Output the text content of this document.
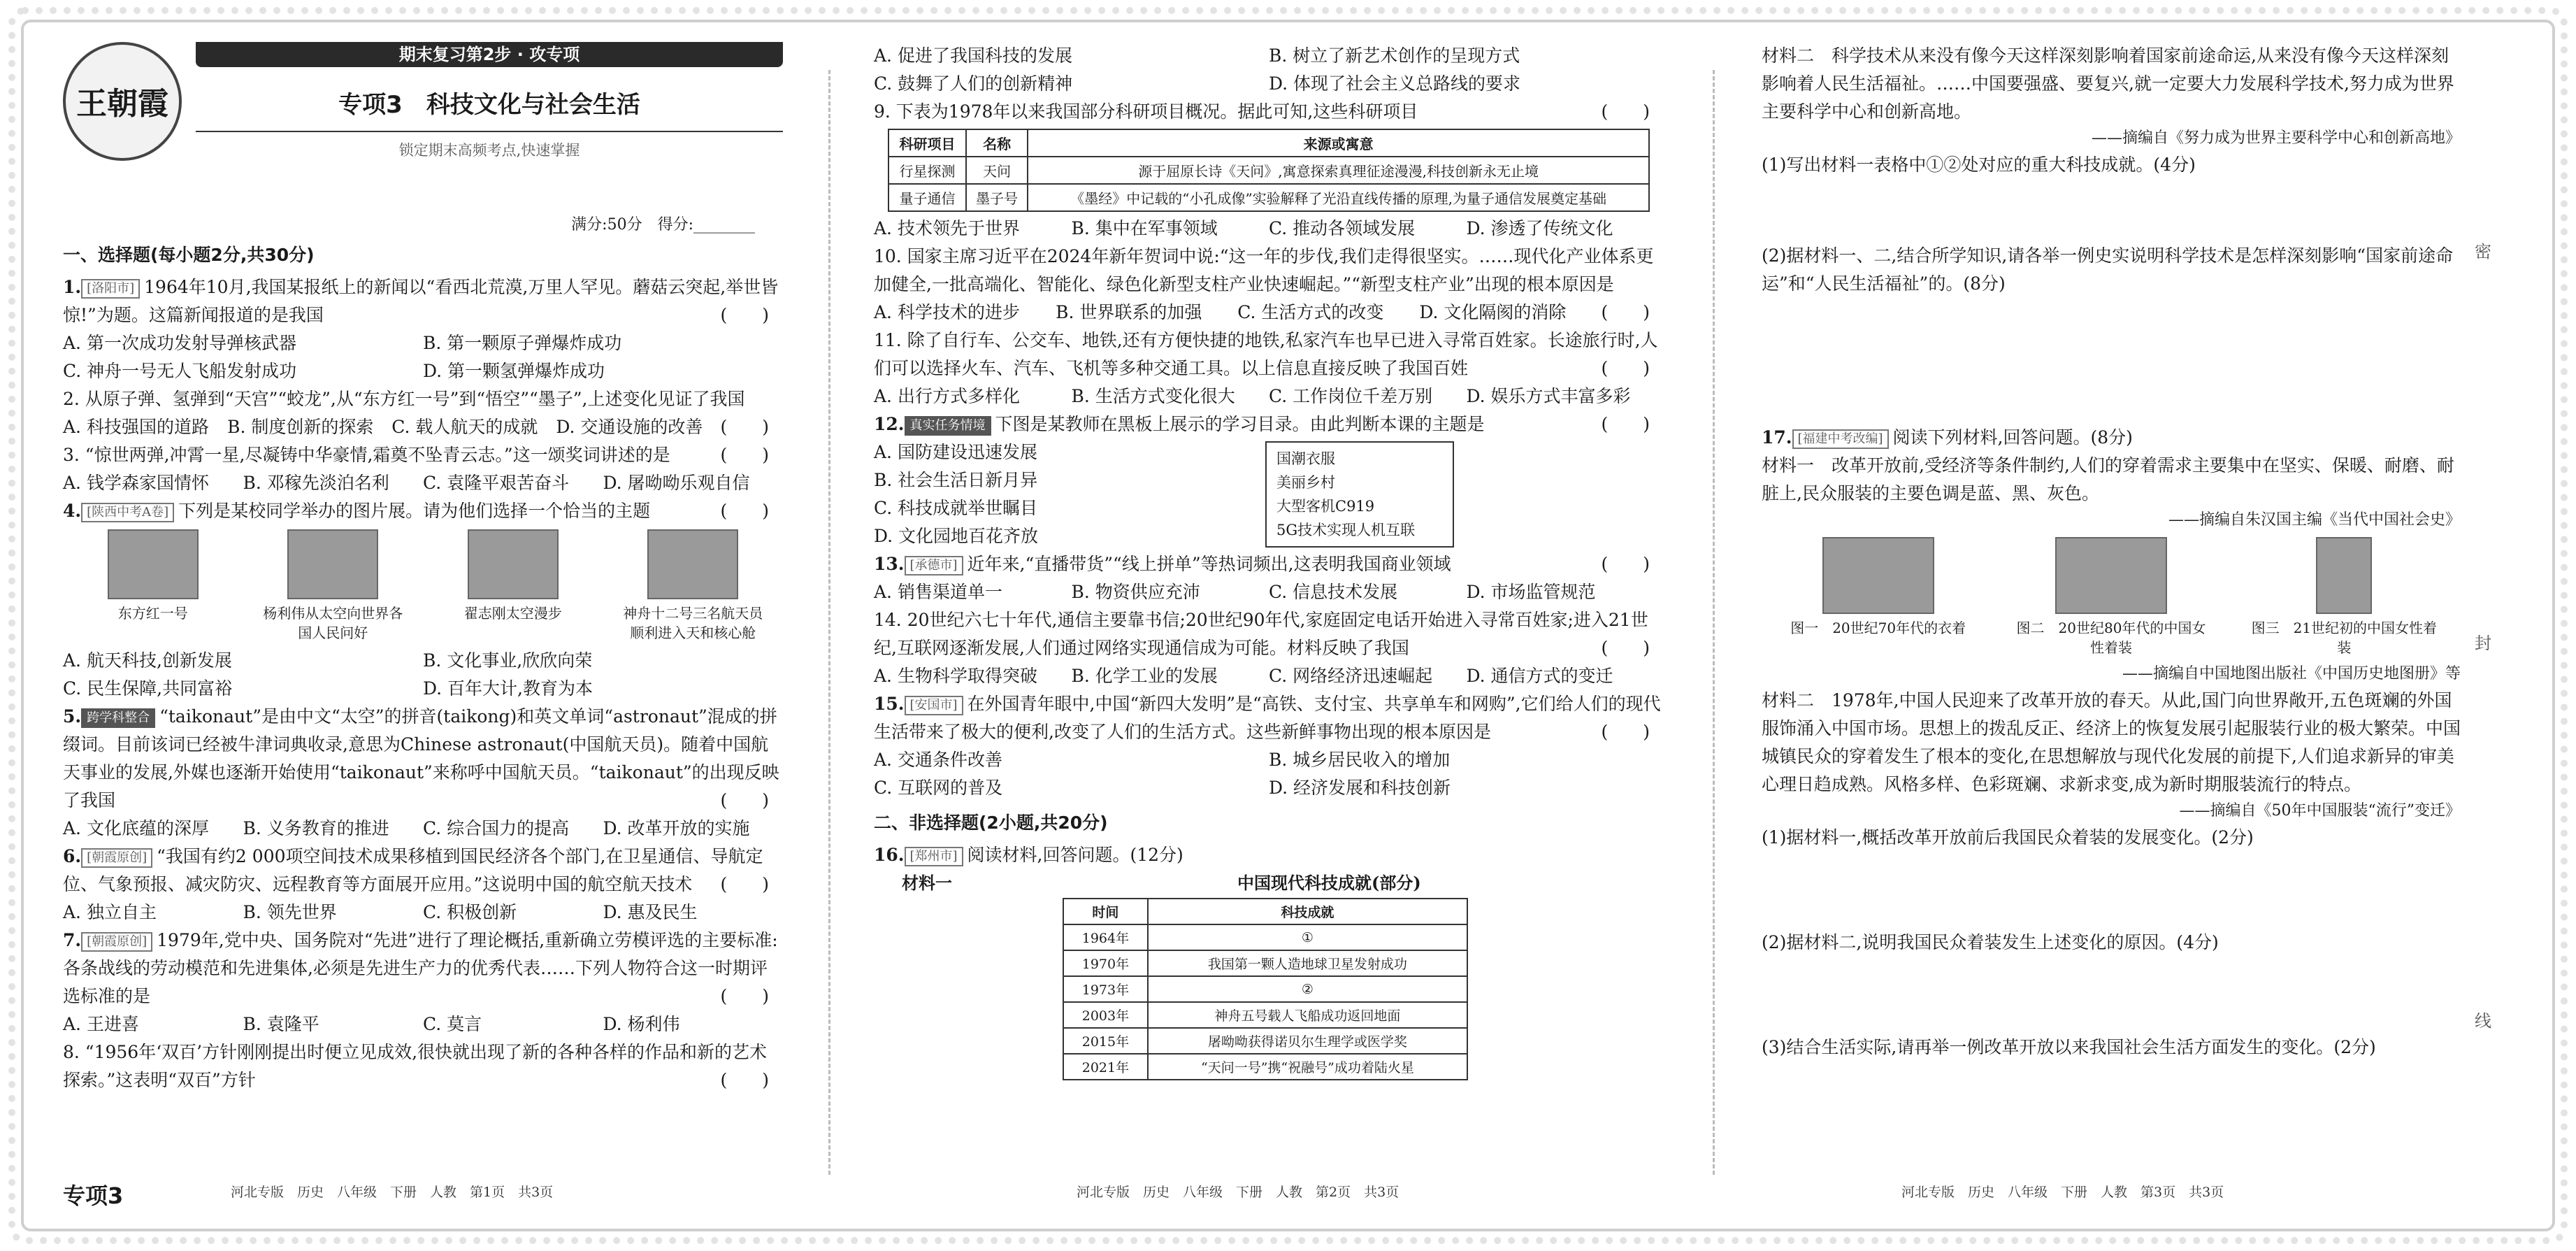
王朝霞
期末复习第2步 · 攻专项
专项3　科技文化与社会生活
锁定期末高频考点,快速掌握
满分:50分　得分:________
一、选择题(每小题2分,共30分)

1. [洛阳市] 1964年10月,我国某报纸上的新闻以“看西北荒漠,万里人罕见。蘑菇云突起,举世皆惊!”为题。这篇新闻报道的是我国	(　　)

A. 第一次成功发射导弹核武器	B. 第一颗原子弹爆炸成功
C. 神舟一号无人飞船发射成功	D. 第一颗氢弹爆炸成功

2. 从原子弹、氢弹到“天宫”“蛟龙”,从“东方红一号”到“悟空”“墨子”,上述变化见证了我国
(　　)

A. 科技强国的道路	B. 制度创新的探索	C. 载人航天的成就	D. 交通设施的改善

3. “惊世两弹,冲霄一星,尽凝铸中华豪情,霜奠不坠青云志。”这一颂奖词讲述的是	(　　)

A. 钱学森家国情怀	B. 邓稼先淡泊名利	C. 袁隆平艰苦奋斗	D. 屠呦呦乐观自信

4. [陕西中考A卷] 下列是某校同学举办的图片展。请为他们选择一个恰当的主题	(　　)

东方红一号	杨利伟从太空向世界各国人民问好
翟志刚太空漫步	神舟十二号三名航天员顺利进入天和核心舱
A. 航天科技,创新发展	B. 文化事业,欣欣向荣
C. 民生保障,共同富裕	D. 百年大计,教育为本

5. 跨学科整合 “taikonaut”是由中文“太空”的拼音(taikong)和英文单词“astronaut”混成的拼缀词。目前该词已经被牛津词典收录,意思为Chinese astronaut(中国航天员)。随着中国航天事业的发展,外媒也逐渐开始使用“taikonaut”来称呼中国航天员。“taikonaut”的出现反映了我国	(　　)

A. 文化底蕴的深厚	B. 义务教育的推进	C. 综合国力的提高	D. 改革开放的实施

6. [朝霞原创] “我国有约2 000项空间技术成果移植到国民经济各个部门,在卫星通信、导航定位、气象预报、减灾防灾、远程教育等方面展开应用。”这说明中国的航空航天技术 (　　)

A. 独立自主	B. 领先世界	C. 积极创新	D. 惠及民生

7. [朝霞原创] 1979年,党中央、国务院对“先进”进行了理论概括,重新确立劳模评选的主要标准:各条战线的劳动模范和先进集体,必须是先进生产力的优秀代表……下列人物符合这一时期评选标准的是	(　　)

A. 王进喜	B. 袁隆平	C. 莫言	D. 杨利伟

8. “1956年‘双百’方针刚刚提出时便立见成效,很快就出现了新的各种各样的作品和新的艺术探索。”这表明“双百”方针	(　　)

A. 促进了我国科技的发展	B. 树立了新艺术创作的呈现方式
C. 鼓舞了人们的创新精神	D. 体现了社会主义总路线的要求

9. 下表为1978年以来我国部分科研项目概况。据此可知,这些科研项目	(　　)

科研项目	名称	来源或寓意
行星探测	天问	源于屈原长诗《天问》,寓意探索真理征途漫漫,科技创新永无止境
量子通信	墨子号	《墨经》中记载的“小孔成像”实验解释了光沿直线传播的原理,为量子通信发展奠定基础
A. 技术领先于世界	B. 集中在军事领域	C. 推动各领域发展	D. 渗透了传统文化

10. 国家主席习近平在2024年新年贺词中说:“这一年的步伐,我们走得很坚实。……现代化产业体系更加健全,一批高端化、智能化、绿色化新型支柱产业快速崛起。”“新型支柱产业”出现的根本原因是
(　　)

A. 科学技术的进步	B. 世界联系的加强	C. 生活方式的改变	D. 文化隔阂的消除

11. 除了自行车、公交车、地铁,还有方便快捷的地铁,私家汽车也早已进入寻常百姓家。长途旅行时,人们可以选择火车、汽车、飞机等多种交通工具。以上信息直接反映了我国百姓	(　　)

A. 出行方式多样化	B. 生活方式变化很大	C. 工作岗位千差万别	D. 娱乐方式丰富多彩

12. 真实任务情境 下图是某教师在黑板上展示的学习目录。由此判断本课的主题是	(　　)

A. 国防建设迅速发展
B. 社会生活日新月异
C. 科技成就举世瞩目
D. 文化园地百花齐放
国潮衣服
美丽乡村
大型客机C919
5G技术实现人机互联

13. [承德市] 近年来,“直播带货”“线上拼单”等热词频出,这表明我国商业领域	(　　)

A. 销售渠道单一	B. 物资供应充沛	C. 信息技术发展	D. 市场监管规范

14. 20世纪六七十年代,通信主要靠书信;20世纪90年代,家庭固定电话开始进入寻常百姓家;进入21世纪,互联网逐渐发展,人们通过网络实现通信成为可能。材料反映了我国	(　　)

A. 生物科学取得突破	B. 化学工业的发展	C. 网络经济迅速崛起	D. 通信方式的变迁

15. [安国市] 在外国青年眼中,中国“新四大发明”是“高铁、支付宝、共享单车和网购”,它们给人们的现代生活带来了极大的便利,改变了人们的生活方式。这些新鲜事物出现的根本原因是	(　　)

A. 交通条件改善	B. 城乡居民收入的增加
C. 互联网的普及	D. 经济发展和科技创新
二、非选择题(2小题,共20分)

16. [郑州市] 阅读材料,回答问题。(12分)

材料一	中国现代科技成就(部分)
时间	科技成就
1964年	①
1970年	我国第一颗人造地球卫星发射成功
1973年	②
2003年	神舟五号载人飞船成功返回地面
2015年	屠呦呦获得诺贝尔生理学或医学奖
2021年	“天问一号”携“祝融号”成功着陆火星

材料二　科学技术从来没有像今天这样深刻影响着国家前途命运,从来没有像今天这样深刻影响着人民生活福祉。……中国要强盛、要复兴,就一定要大力发展科学技术,努力成为世界主要科学中心和创新高地。

——摘编自《努力成为世界主要科学中心和创新高地》

(1)写出材料一表格中①②处对应的重大科技成就。(4分)

(2)据材料一、二,结合所学知识,请各举一例史实说明科学技术是怎样深刻影响“国家前途命运”和“人民生活福祉”的。(8分)

17. [福建中考改编] 阅读下列材料,回答问题。(8分)

材料一　改革开放前,受经济等条件制约,人们的穿着需求主要集中在坚实、保暖、耐磨、耐脏上,民众服装的主要色调是蓝、黑、灰色。

——摘编自朱汉国主编《当代中国社会史》

图一　20世纪70年代的衣着	图二　20世纪80年代的中国女性着装
图三　21世纪初的中国女性着装

——摘编自中国地图出版社《中国历史地图册》等

材料二　1978年,中国人民迎来了改革开放的春天。从此,国门向世界敞开,五色斑斓的外国服饰涌入中国市场。思想上的拨乱反正、经济上的恢复发展引起服装行业的极大繁荣。中国城镇民众的穿着发生了根本的变化,在思想解放与现代化发展的前提下,人们追求新异的审美心理日趋成熟。风格多样、色彩斑斓、求新求变,成为新时期服装流行的特点。

——摘编自《50年中国服装“流行”变迁》

(1)据材料一,概括改革开放前后我国民众着装的发展变化。(2分)

(2)据材料二,说明我国民众着装发生上述变化的原因。(4分)

(3)结合生活实际,请再举一例改革开放以来我国社会生活方面发生的变化。(2分)

密
封
线
专项3	河北专版　历史　八年级　下册　人教　第1页　共3页	河北专版　历史　八年级　下册　人教　第2页　共3页	河北专版　历史　八年级　下册　人教　第3页　共3页
